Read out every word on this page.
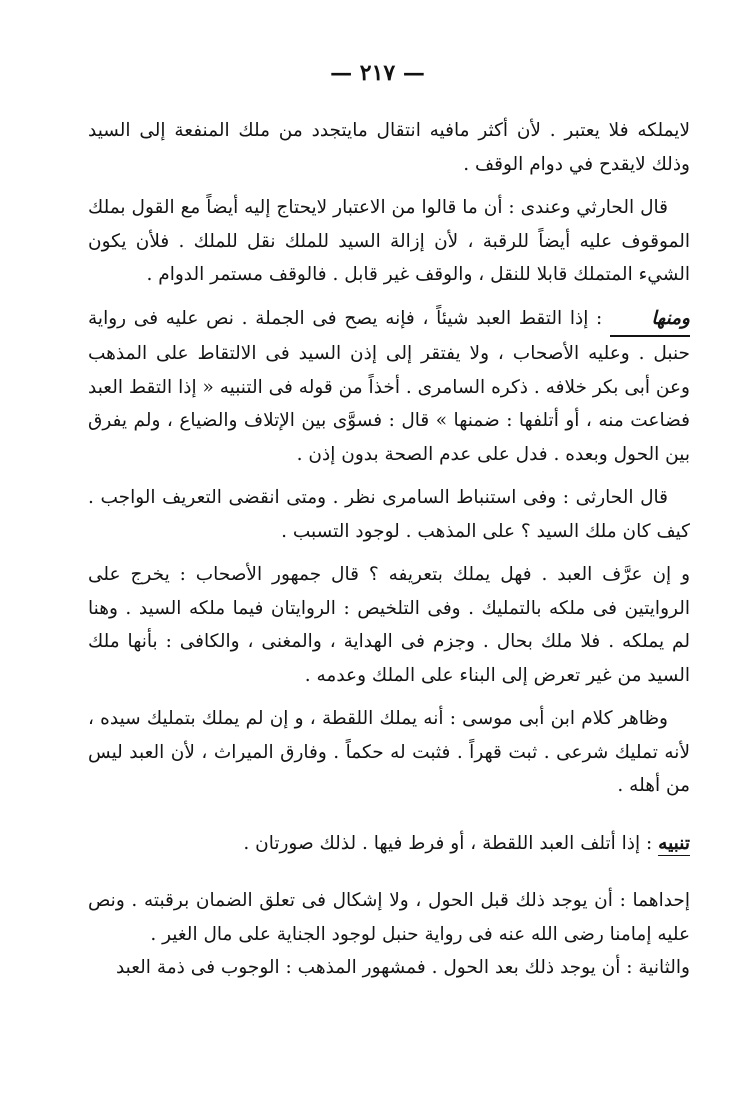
— ٢١٧ —

لايملكه فلا يعتبر . لأن أكثر مافيه انتقال مايتجدد من ملك المنفعة إلى السيد وذلك لايقدح في دوام الوقف .

قال الحارثي وعندى : أن ما قالوا من الاعتبار لايحتاج إليه أيضاً مع القول بملك الموقوف عليه أيضاً للرقبة ، لأن إزالة السيد للملك نقل للملك . فلأن يكون الشيء المتملك قابلا للنقل ، والوقف غير قابل . فالوقف مستمر الدوام .

ومنها : إذا التقط العبد شيئاً ، فإنه يصح فى الجملة . نص عليه فى رواية حنبل . وعليه الأصحاب ، ولا يفتقر إلى إذن السيد فى الالتقاط على المذهب وعن أبى بكر خلافه . ذكره السامرى . أخذاً من قوله فى التنبيه « إذا التقط العبد فضاعت منه ، أو أتلفها : ضمنها » قال : فسوَّى بين الإتلاف والضياع ، ولم يفرق بين الحول وبعده . فدل على عدم الصحة بدون إذن .

قال الحارثى : وفى استنباط السامرى نظر . ومتى انقضى التعريف الواجب . كيف كان ملك السيد ؟ على المذهب . لوجود التسبب .

و إن عرَّف العبد . فهل يملك بتعريفه ؟ قال جمهور الأصحاب : يخرج على الروايتين فى ملكه بالتمليك . وفى التلخيص : الروايتان فيما ملكه السيد . وهنا لم يملكه . فلا ملك بحال . وجزم فى الهداية ، والمغنى ، والكافى : بأنها ملك السيد من غير تعرض إلى البناء على الملك وعدمه .

وظاهر كلام ابن أبى موسى : أنه يملك اللقطة ، و إن لم يملك بتمليك سيده ، لأنه تمليك شرعى . ثبت قهراً . فثبت له حكماً . وفارق الميراث ، لأن العبد ليس من أهله .

تنبيه : إذا أتلف العبد اللقطة ، أو فرط فيها . لذلك صورتان .

إحداهما : أن يوجد ذلك قبل الحول ، ولا إشكال فى تعلق الضمان برقبته . ونص عليه إمامنا رضى الله عنه فى رواية حنبل لوجود الجناية على مال الغير .

والثانية : أن يوجد ذلك بعد الحول . فمشهور المذهب : الوجوب فى ذمة العبد
